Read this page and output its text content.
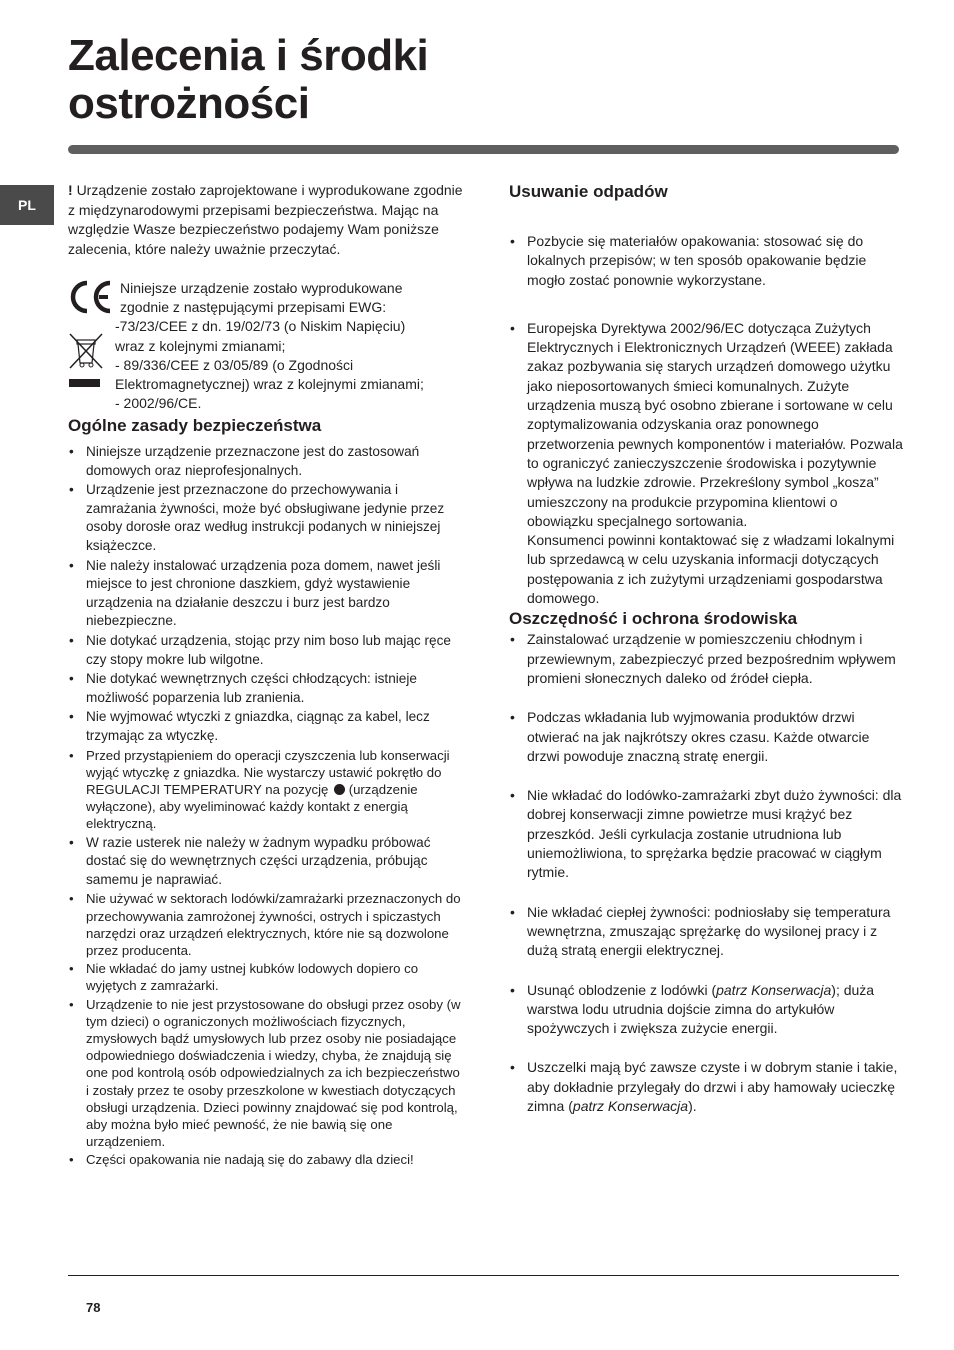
Zalecenia i środki
ostrożności
PL

! Urządzenie zostało zaprojektowane i wyprodukowane zgodnie z międzynarodowymi przepisami bezpieczeństwa. Mając na względzie Wasze bezpieczeństwo podajemy Wam poniższe zalecenia, które należy uważnie przeczytać.

Niniejsze urządzenie zostało wyprodukowane
zgodnie z następującymi przepisami EWG:
-73/23/CEE z dn. 19/02/73 (o Niskim Napięciu)
wraz z kolejnymi zmianami;
- 89/336/CEE z 03/05/89 (o Zgodności
Elektromagnetycznej) wraz z kolejnymi zmianami;
- 2002/96/CE.

Ogólne zasady bezpieczeństwa
• Niniejsze urządzenie przeznaczone jest do zastosowań domowych oraz nieprofesjonalnych.
• Urządzenie jest przeznaczone do przechowywania i zamrażania żywności, może być obsługiwane jedynie przez osoby dorosłe oraz według instrukcji podanych w niniejszej książeczce.
• Nie należy instalować urządzenia poza domem, nawet jeśli miejsce to jest chronione daszkiem, gdyż wystawienie urządzenia na działanie deszczu i burz jest bardzo niebezpieczne.
• Nie dotykać urządzenia, stojąc przy nim boso lub mając ręce czy stopy mokre lub wilgotne.
• Nie dotykać wewnętrznych części chłodzących: istnieje możliwość poparzenia lub zranienia.
• Nie wyjmować wtyczki z gniazdka, ciągnąc za kabel, lecz trzymając za wtyczkę.
• Przed przystąpieniem do operacji czyszczenia lub konserwacji wyjąć wtyczkę z gniazdka. Nie wystarczy ustawić pokrętło do REGULACJI TEMPERATURY na pozycję (urządzenie wyłączone), aby wyeliminować każdy kontakt z energią elektryczną.
• W razie usterek nie należy w żadnym wypadku próbować dostać się do wewnętrznych części urządzenia, próbując samemu je naprawiać.
• Nie używać w sektorach lodówki/zamrażarki przeznaczonych do przechowywania zamrożonej żywności, ostrych i spiczastych narzędzi oraz urządzeń elektrycznych, które nie są dozwolone przez producenta.
• Nie wkładać do jamy ustnej kubków lodowych dopiero co wyjętych z zamrażarki.
• Urządzenie to nie jest przystosowane do obsługi przez osoby (w tym dzieci) o ograniczonych możliwościach fizycznych, zmysłowych bądź umysłowych lub przez osoby nie posiadające odpowiedniego doświadczenia i wiedzy, chyba, że znajdują się one pod kontrolą osób odpowiedzialnych za ich bezpieczeństwo i zostały przez te osoby przeszkolone w kwestiach dotyczących obsługi urządzenia. Dzieci powinny znajdować się pod kontrolą, aby można było mieć pewność, że nie bawią się one urządzeniem.
• Części opakowania nie nadają się do zabawy dla dzieci!
Usuwanie odpadów
• Pozbycie się materiałów opakowania: stosować się do lokalnych przepisów; w ten sposób opakowanie będzie mogło zostać ponownie wykorzystane.
• Europejska Dyrektywa 2002/96/EC dotycząca Zużytych Elektrycznych i Elektronicznych Urządzeń (WEEE) zakłada zakaz pozbywania się starych urządzeń domowego użytku jako nieposortowanych śmieci komunalnych. Zużyte urządzenia muszą być osobno zbierane i sortowane w celu zoptymalizowania odzyskania oraz ponownego przetworzenia pewnych komponentów i materiałów. Pozwala to ograniczyć zanieczyszczenie środowiska i pozytywnie wpływa na ludzkie zdrowie. Przekreślony symbol „kosza” umieszczony na produkcie przypomina klientowi o obowiązku specjalnego sortowania.
Konsumenci powinni kontaktować się z władzami lokalnymi lub sprzedawcą w celu uzyskania informacji dotyczących postępowania z ich zużytymi urządzeniami gospodarstwa domowego.
Oszczędność i ochrona środowiska
• Zainstalować urządzenie w pomieszczeniu chłodnym i przewiewnym, zabezpieczyć przed bezpośrednim wpływem promieni słonecznych daleko od źródeł ciepła.
• Podczas wkładania lub wyjmowania produktów drzwi otwierać na jak najkrótszy okres czasu. Każde otwarcie drzwi powoduje znaczną stratę energii.
• Nie wkładać do lodówko-zamrażarki zbyt dużo żywności: dla dobrej konserwacji zimne powietrze musi krążyć bez przeszkód. Jeśli cyrkulacja zostanie utrudniona lub uniemożliwiona, to sprężarka będzie pracować w ciągłym rytmie.
• Nie wkładać ciepłej żywności: podniosłaby się temperatura wewnętrzna, zmuszając sprężarkę do wysilonej pracy i z dużą stratą energii elektrycznej.
• Usunąć oblodzenie z lodówki (patrz Konserwacja); duża warstwa lodu utrudnia dojście zimna do artykułów spożywczych i zwiększa zużycie energii.
• Uszczelki mają być zawsze czyste i w dobrym stanie i takie, aby dokładnie przylegały do drzwi i aby hamowały ucieczkę zimna (patrz Konserwacja).
78
